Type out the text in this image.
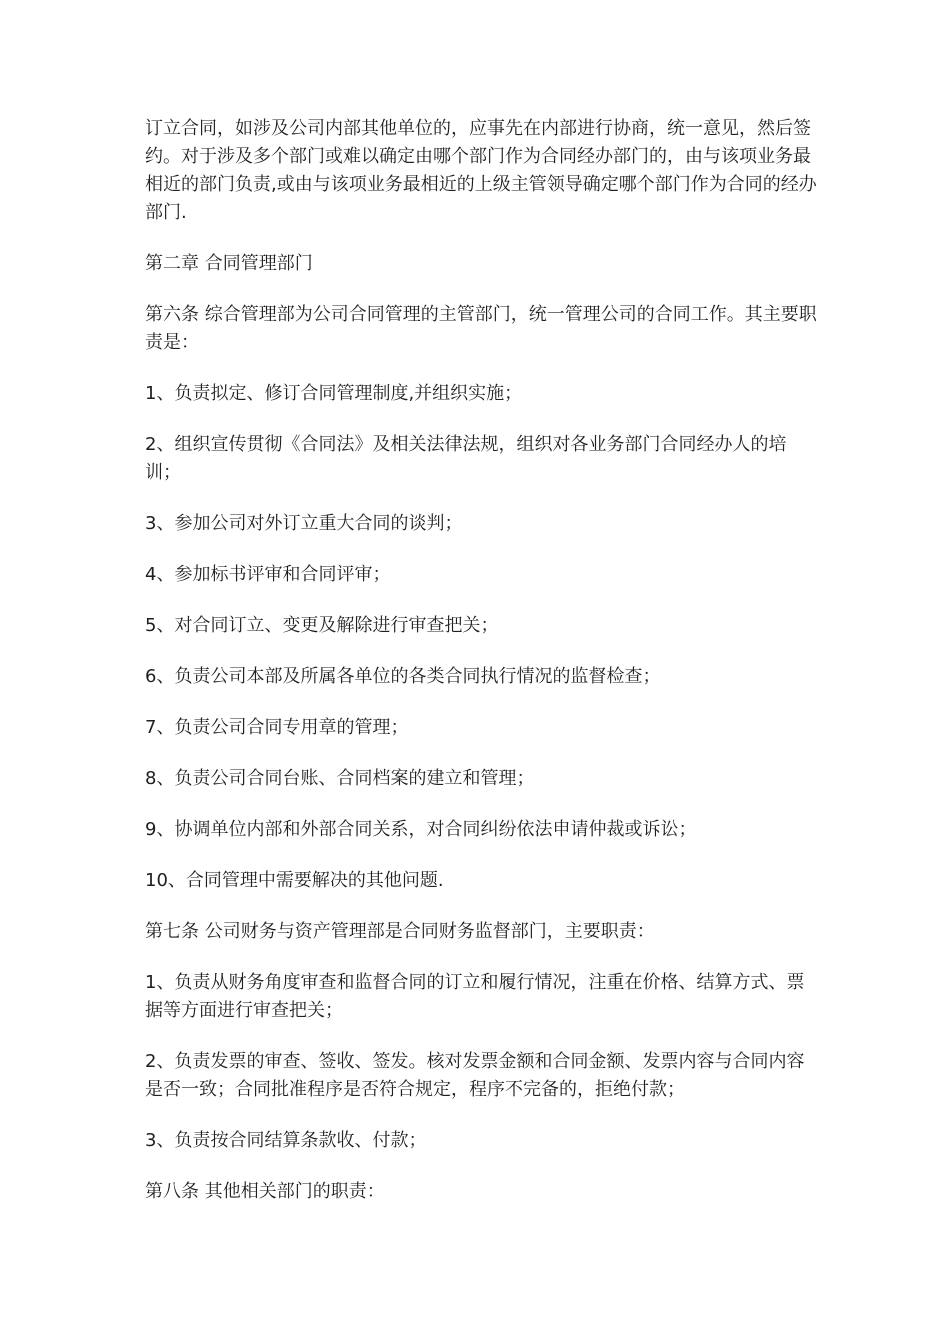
订立合同，如涉及公司内部其他单位的，应事先在内部进行协商，统一意见，然后签约。对于涉及多个部门或难以确定由哪个部门作为合同经办部门的，由与该项业务最相近的部门负责,或由与该项业务最相近的上级主管领导确定哪个部门作为合同的经办部门.

第二章 合同管理部门

第六条 综合管理部为公司合同管理的主管部门，统一管理公司的合同工作。其主要职责是：

1、负责拟定、修订合同管理制度,并组织实施；

2、组织宣传贯彻《合同法》及相关法律法规，组织对各业务部门合同经办人的培训；

3、参加公司对外订立重大合同的谈判；

4、参加标书评审和合同评审；

5、对合同订立、变更及解除进行审查把关；

6、负责公司本部及所属各单位的各类合同执行情况的监督检查；

7、负责公司合同专用章的管理；

8、负责公司合同台账、合同档案的建立和管理；

9、协调单位内部和外部合同关系，对合同纠纷依法申请仲裁或诉讼；

10、合同管理中需要解决的其他问题.

第七条 公司财务与资产管理部是合同财务监督部门，主要职责：

1、负责从财务角度审查和监督合同的订立和履行情况，注重在价格、结算方式、票据等方面进行审查把关；

2、负责发票的审查、签收、签发。核对发票金额和合同金额、发票内容与合同内容是否一致；合同批准程序是否符合规定，程序不完备的，拒绝付款；

3、负责按合同结算条款收、付款；

第八条 其他相关部门的职责：
